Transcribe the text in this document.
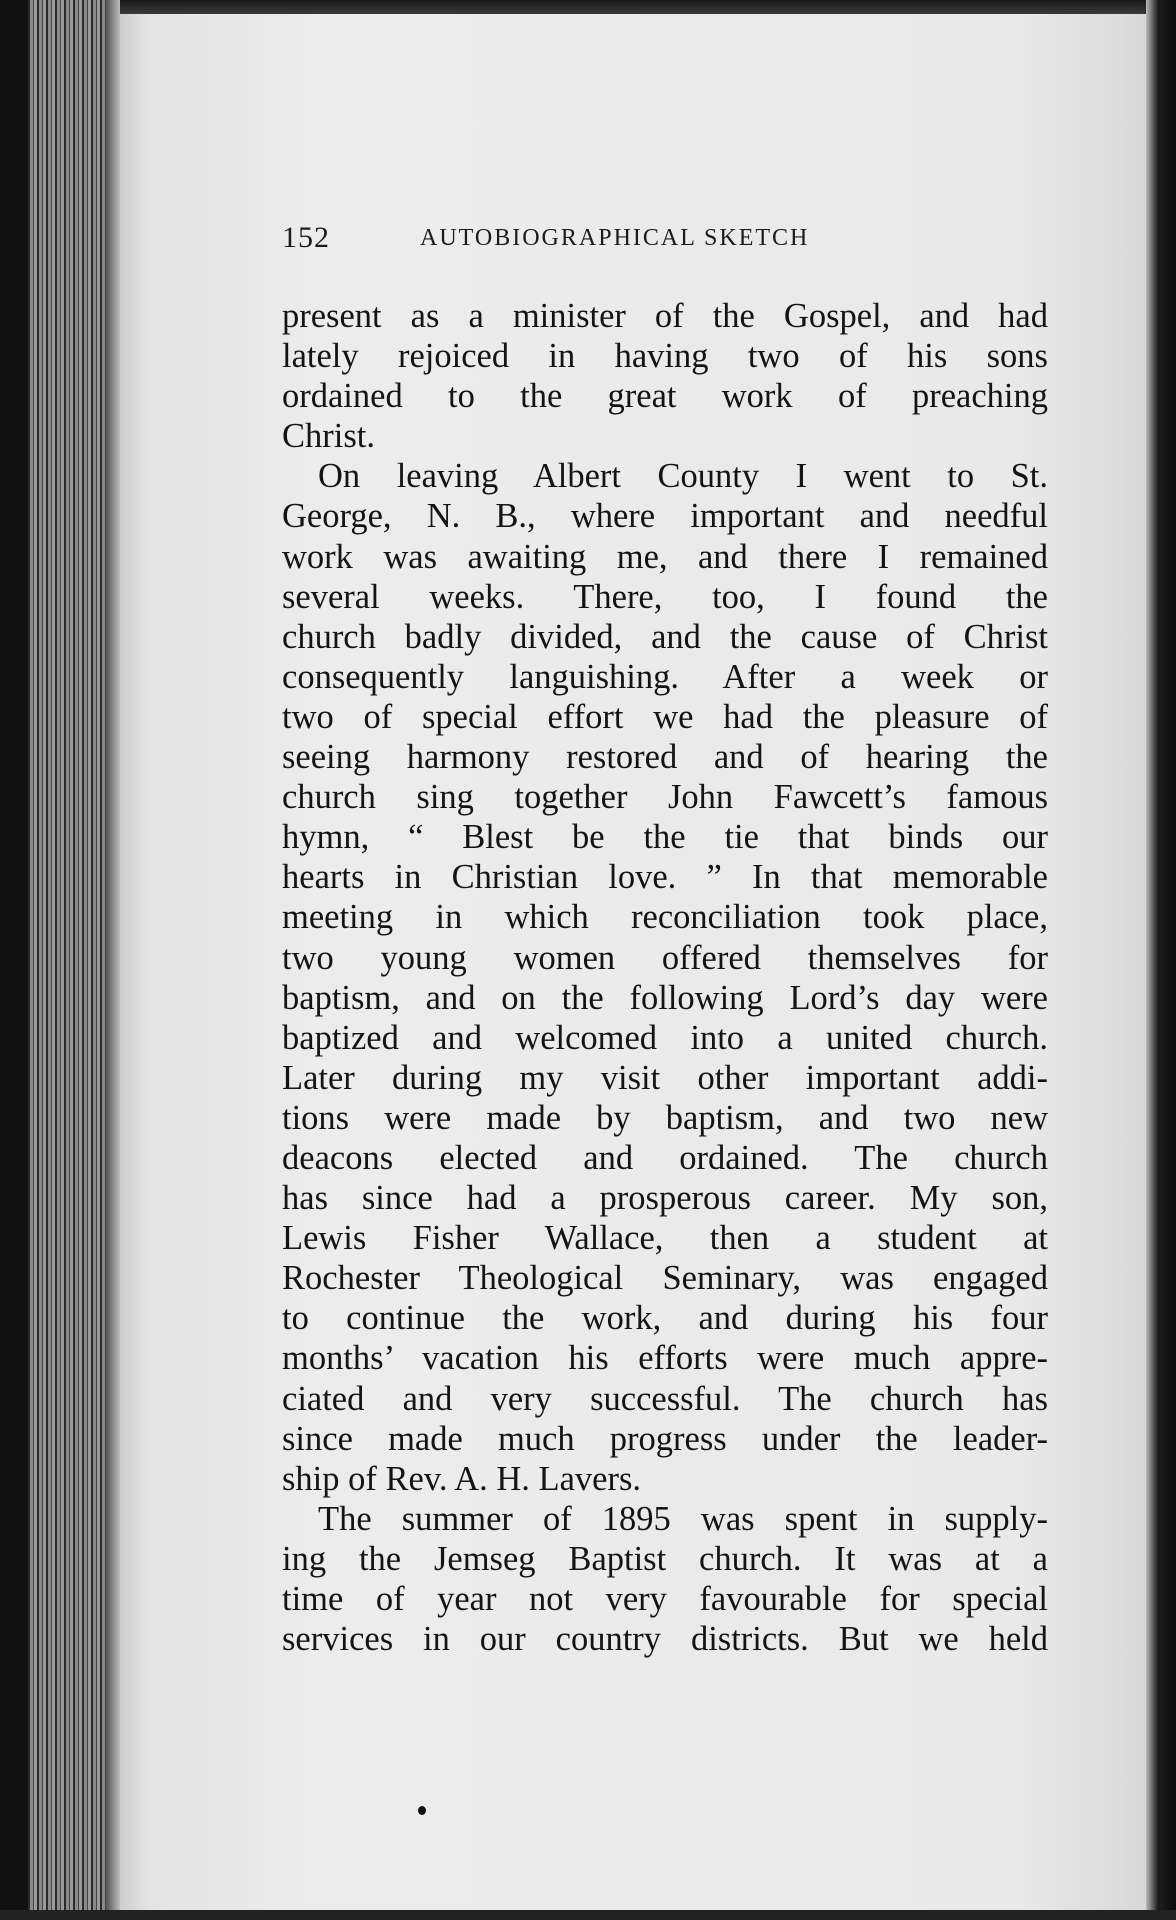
152	AUTOBIOGRAPHICAL SKETCH
present as a minister of the Gospel, and had
lately rejoiced in having two of his sons
ordained to the great work of preaching
Christ.
On leaving Albert County I went to St.
George, N. B., where important and needful
work was awaiting me, and there I remained
several weeks. There, too, I found the
church badly divided, and the cause of Christ
consequently languishing. After a week or
two of special effort we had the pleasure of
seeing harmony restored and of hearing the
church sing together John Fawcett’s famous
hymn, “ Blest be the tie that binds our
hearts in Christian love. ” In that memorable
meeting in which reconciliation took place,
two young women offered themselves for
baptism, and on the following Lord’s day were
baptized and welcomed into a united church.
Later during my visit other important addi-
tions were made by baptism, and two new
deacons elected and ordained. The church
has since had a prosperous career. My son,
Lewis Fisher Wallace, then a student at
Rochester Theological Seminary, was engaged
to continue the work, and during his four
months’ vacation his efforts were much appre-
ciated and very successful. The church has
since made much progress under the leader-
ship of Rev. A. H. Lavers.
The summer of 1895 was spent in supply-
ing the Jemseg Baptist church. It was at a
time of year not very favourable for special
services in our country districts. But we held
